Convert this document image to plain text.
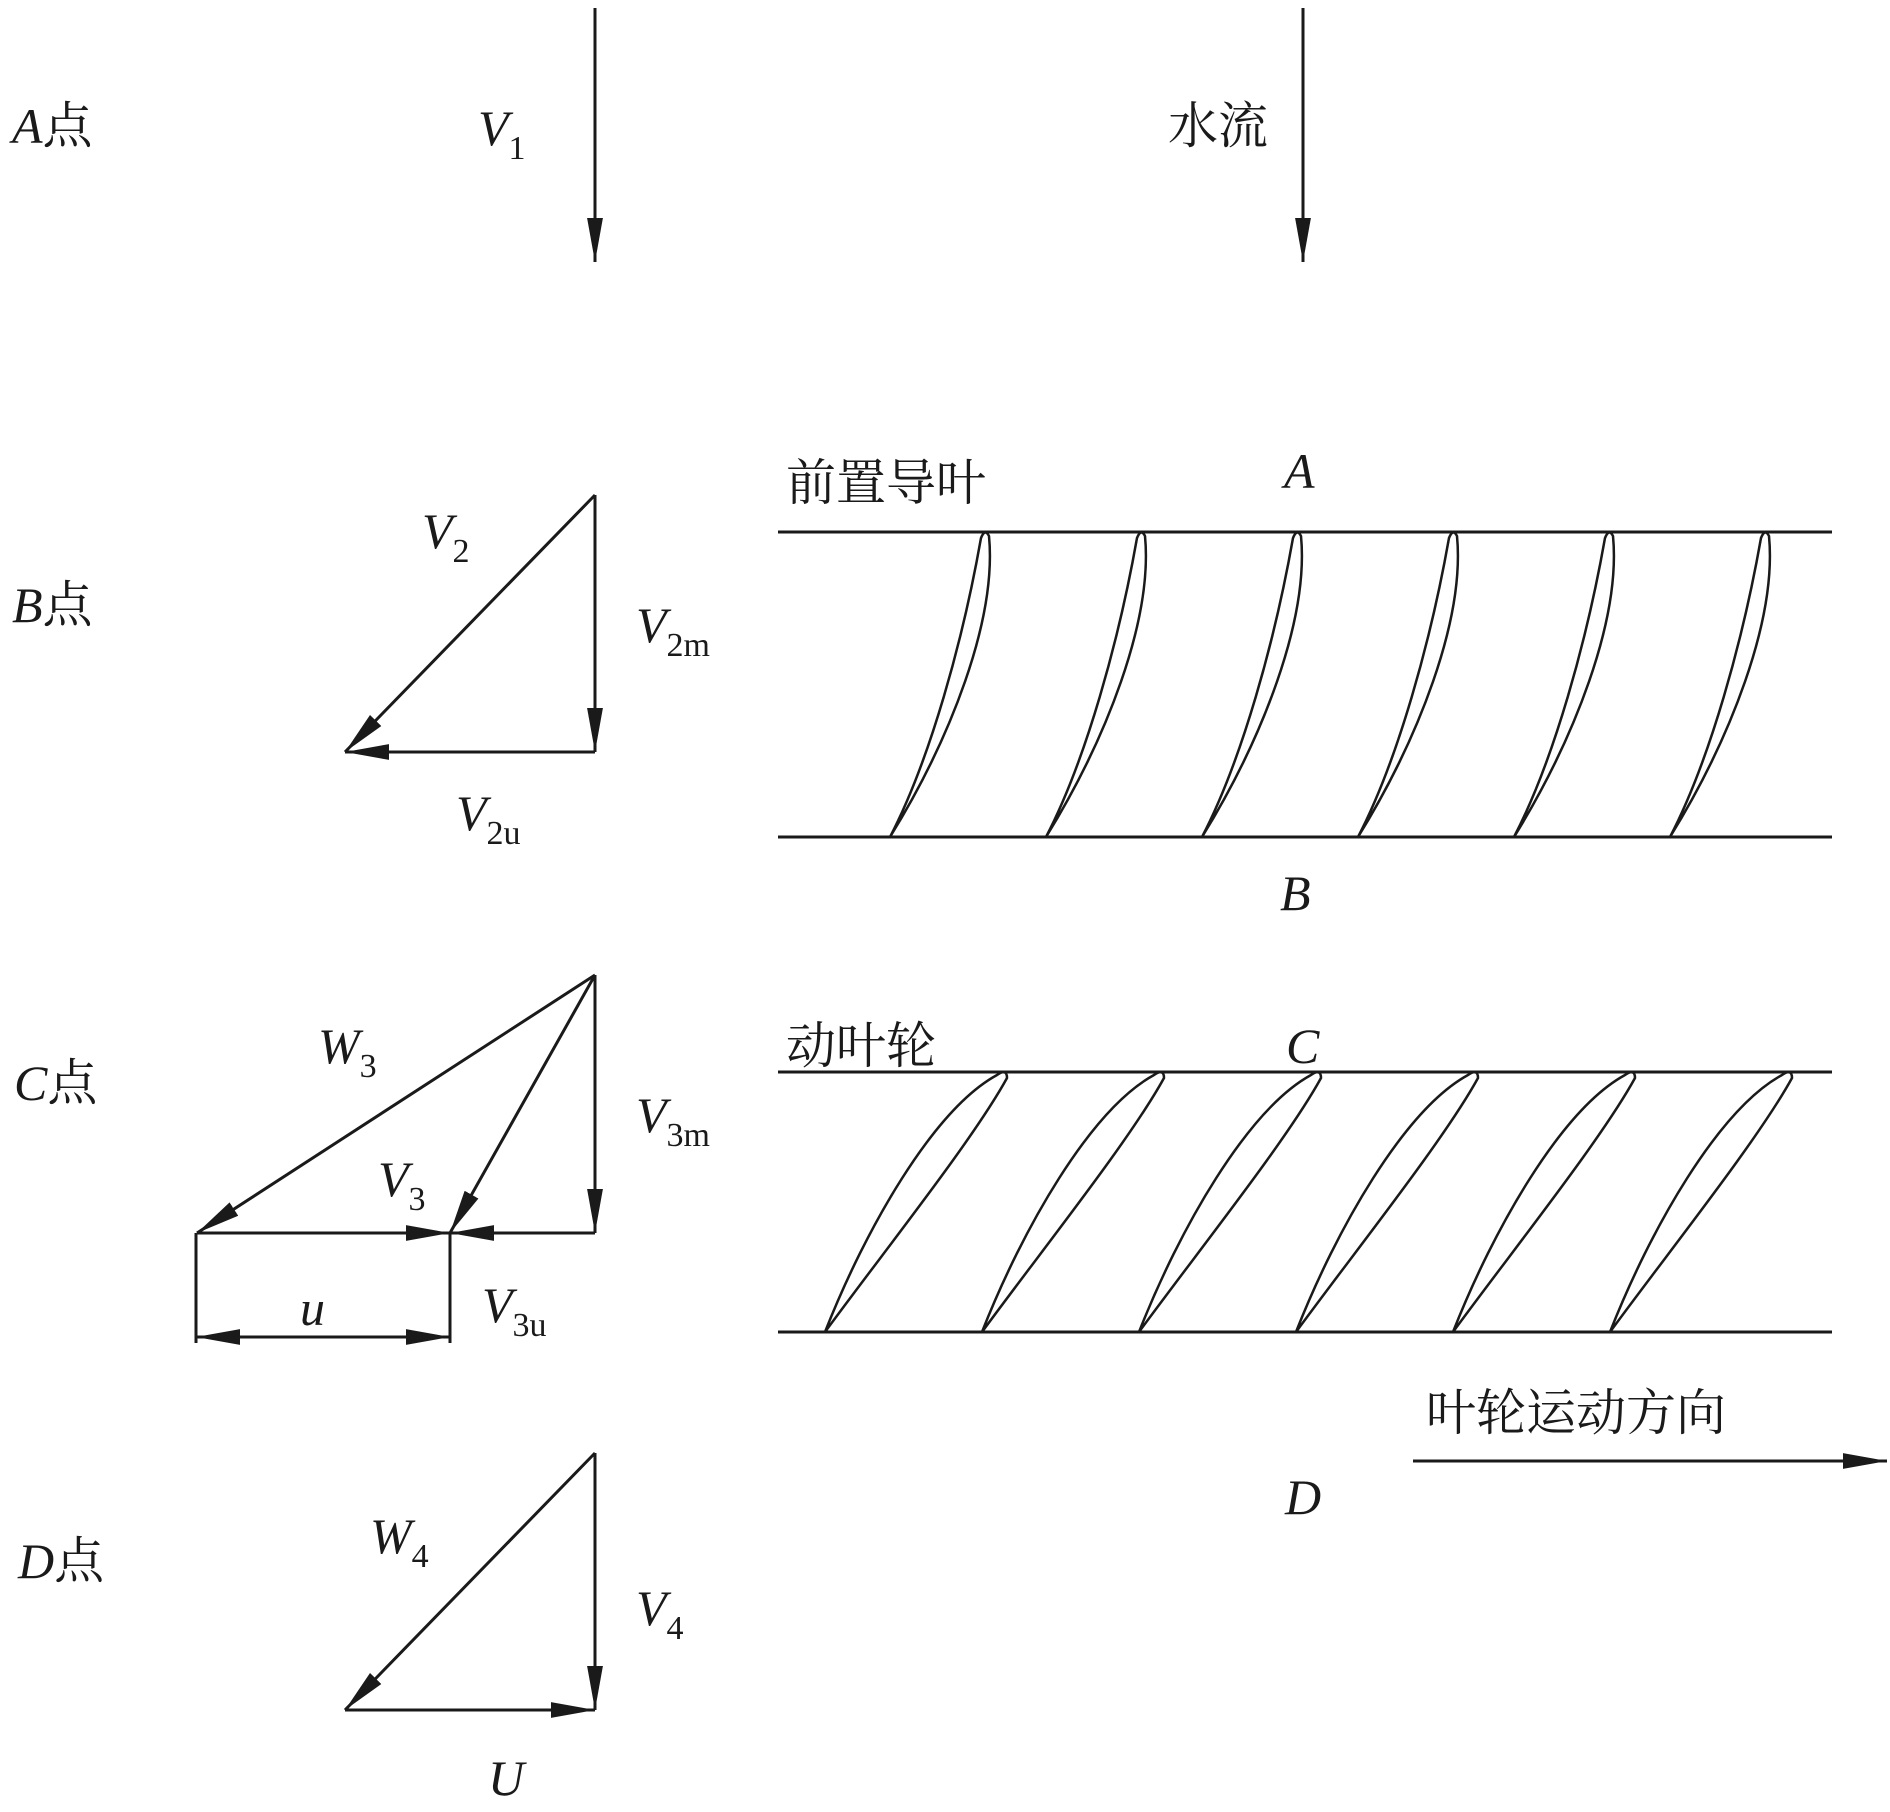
A点
B点
C点
D点
$V_1$	水流
$V_2$
$V_{2m}$
$V_{2u}$
前置导叶	A
B
$W_3$
$V_3$
$V_{3m}$
$V_{3u}$
u
动叶轮	C
叶轮运动方向
D
$W_4$
$V_4$
U
